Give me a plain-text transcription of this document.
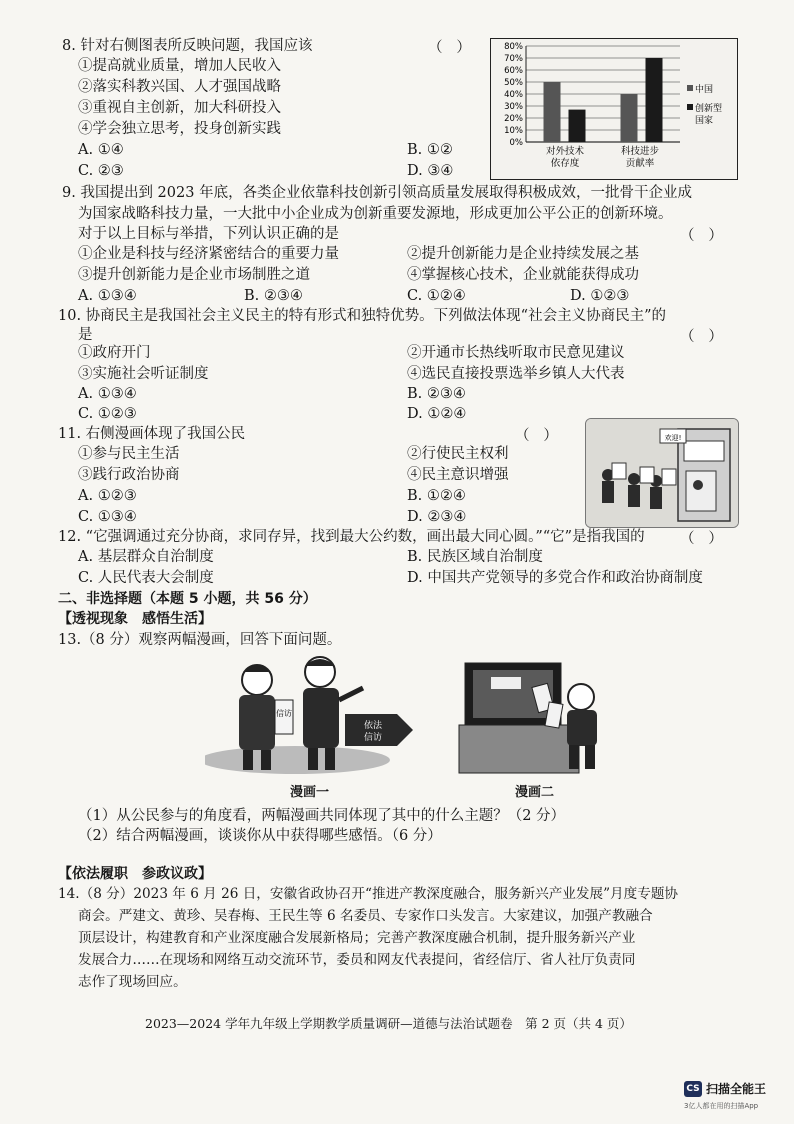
8. 针对右侧图表所反映问题，我国应该	（   ）
①提高就业质量，增加人民收入
②落实科教兴国、人才强国战略
③重视自主创新，加大科研投入
④学会独立思考，投身创新实践
A. ①④	B. ①②
C. ②③	D. ③④
0%
10%
20%
30%
40%
50%
60%
70%
80%
对外技术
依存度
科技进步
贡献率
中国
创新型
国家
9. 我国提出到 2023 年底，各类企业依靠科技创新引领高质量发展取得积极成效，一批骨干企业成
为国家战略科技力量，一大批中小企业成为创新重要发源地，形成更加公平公正的创新环境。
对于以上目标与举措，下列认识正确的是	（   ）
①企业是科技与经济紧密结合的重要力量	②提升创新能力是企业持续发展之基
③提升创新能力是企业市场制胜之道	④掌握核心技术，企业就能获得成功
A. ①③④	B. ②③④	C. ①②④	D. ①②③
10. 协商民主是我国社会主义民主的特有形式和独特优势。下列做法体现“社会主义协商民主”的
是	（   ）
①政府开门	②开通市长热线听取市民意见建议
③实施社会听证制度	④选民直接投票选举乡镇人大代表
A. ①③④	B. ②③④
C. ①②③	D. ①②④
11. 右侧漫画体现了我国公民	（   ）
①参与民主生活	②行使民主权利
③践行政治协商	④民主意识增强
A. ①②③	B. ①②④
C. ①③④	D. ②③④
欢迎!
12. “它强调通过充分协商，求同存异，找到最大公约数，画出最大同心圆。”“它”是指我国的 （   ）
A. 基层群众自治制度	B. 民族区域自治制度
C. 人民代表大会制度	D. 中国共产党领导的多党合作和政治协商制度
二、非选择题（本题 5 小题，共 56 分）
【透视现象　感悟生活】
13.（8 分）观察两幅漫画，回答下面问题。
信访
依法
信访
漫画一	漫画二
（1）从公民参与的角度看，两幅漫画共同体现了其中的什么主题？（2 分）
（2）结合两幅漫画，谈谈你从中获得哪些感悟。（6 分）
【依法履职　参政议政】
14.（8 分）2023 年 6 月 26 日，安徽省政协召开“推进产教深度融合，服务新兴产业发展”月度专题协
商会。严建文、黄珍、吴春梅、王民生等 6 名委员、专家作口头发言。大家建议，加强产教融合
顶层设计，构建教育和产业深度融合发展新格局；完善产教深度融合机制，提升服务新兴产业
发展合力……在现场和网络互动交流环节，委员和网友代表提问，省经信厅、省人社厅负责同
志作了现场回应。
2023—2024 学年九年级上学期教学质量调研—道德与法治试题卷　第 2 页（共 4 页）
CS 扫描全能王
3亿人都在用的扫描App
